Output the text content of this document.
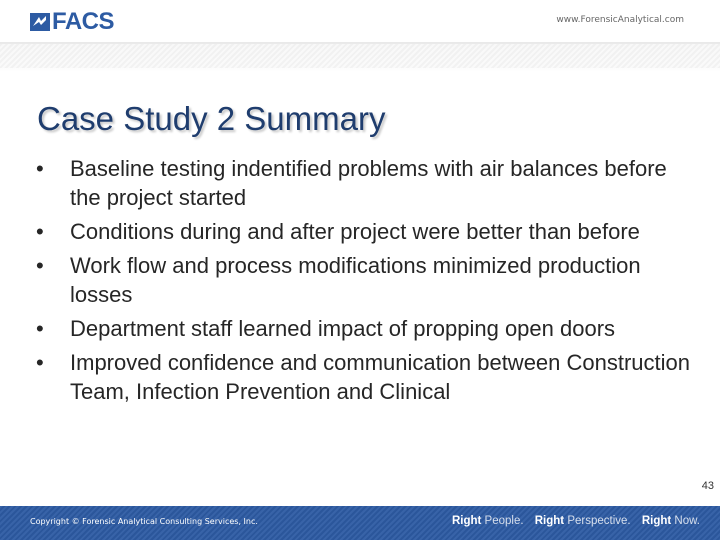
FACS	www.ForensicAnalytical.com
Case Study 2 Summary
• Baseline testing indentified problems with air balances before the project started
• Conditions during and after project were better than before
• Work flow and process modifications minimized production losses
• Department staff learned impact of propping open doors
• Improved confidence and communication between Construction Team, Infection Prevention and Clinical
43
Copyright © Forensic Analytical Consulting Services, Inc.	Right People. Right Perspective. Right Now.
